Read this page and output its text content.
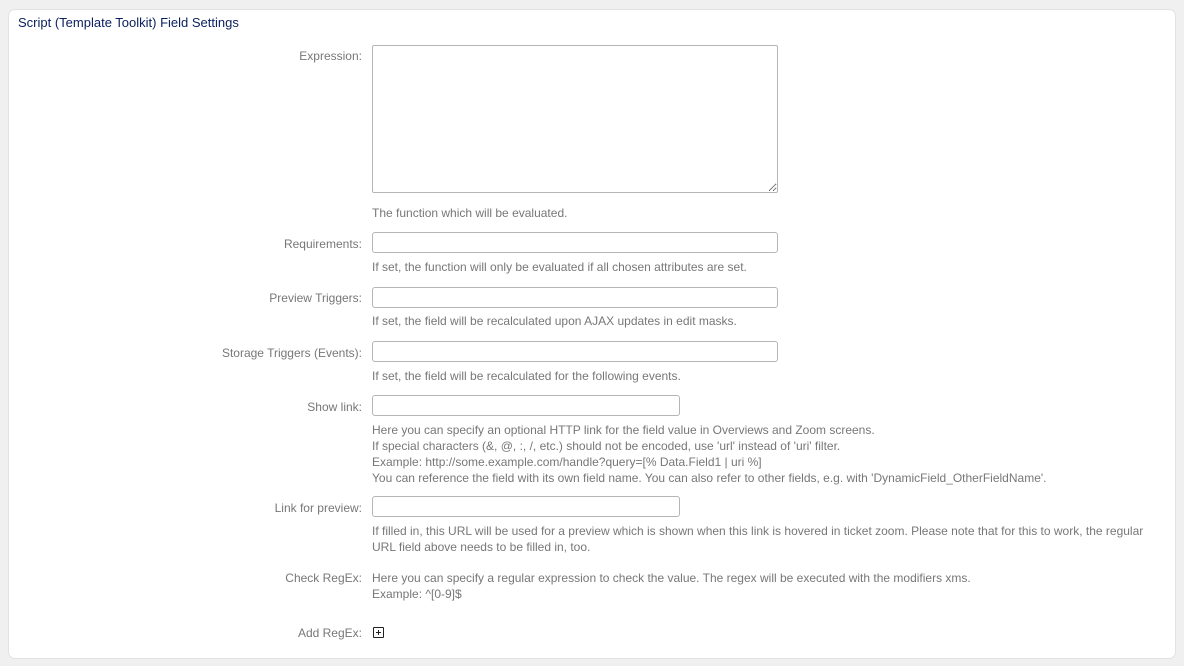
Script (Template Toolkit) Field Settings
Expression:
The function which will be evaluated.
Requirements:
If set, the function will only be evaluated if all chosen attributes are set.
Preview Triggers:
If set, the field will be recalculated upon AJAX updates in edit masks.
Storage Triggers (Events):
If set, the field will be recalculated for the following events.
Show link:
Here you can specify an optional HTTP link for the field value in Overviews and Zoom screens.
If special characters (&, @, :, /, etc.) should not be encoded, use 'url' instead of 'uri' filter.
Example: http://some.example.com/handle?query=[% Data.Field1 | uri %]
You can reference the field with its own field name. You can also refer to other fields, e.g. with 'DynamicField_OtherFieldName'.
Link for preview:
If filled in, this URL will be used for a preview which is shown when this link is hovered in ticket zoom. Please note that for this to work, the regular URL field above needs to be filled in, too.
Check RegEx: Here you can specify a regular expression to check the value. The regex will be executed with the modifiers xms.
Example: ^[0-9]$
Add RegEx:
